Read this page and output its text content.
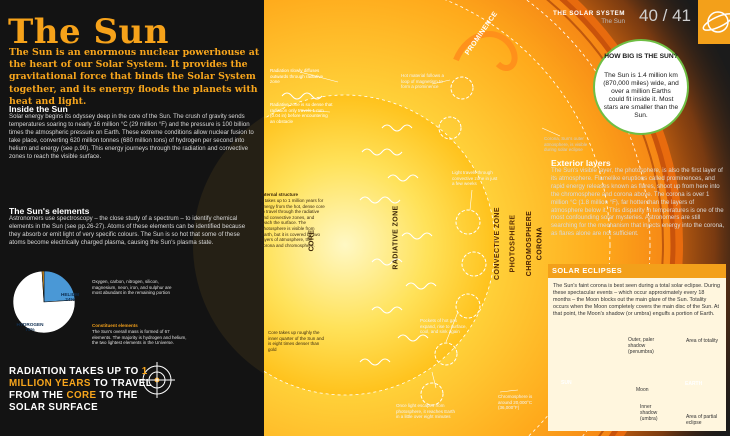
The Sun
The Sun is an enormous nuclear powerhouse at the heart of our Solar System. It provides the gravitational force that binds the Solar System together, and its energy floods the planets with heat and light.
Inside the Sun
Solar energy begins its odyssey deep in the core of the Sun. The crush of gravity sends temperatures soaring to nearly 16 million °C (29 million °F) and the pressure is 100 billion times the atmospheric pressure on Earth. These extreme conditions allow nuclear fusion to take place, converting 620 million tonnes (680 million tons) of hydrogen per second into helium and energy (see p.90). This energy journeys through the radiation and convective zones to reach the visible surface.
The Sun's elements
Astronomers use spectroscopy – the close study of a spectrum – to identify chemical elements in the Sun (see pp.26-27). Atoms of these elements can be identified because they absorb or emit light of very specific colours. The Sun is so hot that some of these atoms become electrically charged plasma, causing the Sun's plasma state.
HELIUM
24%
HYDROGEN
75%
Oxygen, carbon, nitrogen, silicon, magnesium, neon, iron, and sulphur are most abundant in the remaining portion
Constituent elements
The Sun's overall mass is formed of 67 elements. The majority is hydrogen and helium, the two lightest elements in the Universe.
RADIATION TAKES UP TO 1 MILLION YEARS TO TRAVEL FROM THE CORE TO THE SOLAR SURFACE
Radiation slowly diffuses outwards through radiative zone
Radiative zone is so dense that radiation only travels 1 mm (0.04 in) before encountering an obstacle
Hot material follows a loop of magnetism to form a prominence
Internal structure
It takes up to 1 million years for energy from the hot, dense core to travel through the radiative and convective zones, and reach the surface. The photosphere is visible from Earth, but it is covered by two layers of atmosphere, the corona and chromosphere.
Light travels through convective zone in just a few weeks
Pockets of hot gas expand, rise to surface, cool, and sink again
Core takes up roughly the inner quarter of the Sun and is eight times denser than gold
Once light escapes from photosphere, it reaches Earth in a little over eight minutes
Chromosphere is around 20,000°C (36,000°F)
Corona, Sun's outer atmosphere, is visible during solar eclipse
CORE	RADIATIVE ZONE	CONVECTIVE ZONE PHOTOSPHERE CHROMOSPHERE CORONA
PROMINENCE	THE SOLAR SYSTEM
The Sun 40 / 41
HOW BIG IS THE SUN?
The Sun is 1.4 million km (870,000 miles) wide, and over a million Earths could fit inside it. Most stars are smaller than the Sun.
Exterior layers
The Sun's visible layer, the photosphere, is also the first layer of its atmosphere. Flamelike eruptions called prominences, and rapid energy releases known as flares, shoot up from here into the chromosphere and corona above. The corona is over 1 million °C (1.8 million °F), far hotter than the layers of atmosphere below it. This disparity in temperatures is one of the most confounding solar mysteries. Astronomers are still searching for the mechanism that injects energy into the corona, as flares alone are not sufficient.
SOLAR ECLIPSES
The Sun's faint corona is best seen during a total solar eclipse. During these spectacular events – which occur approximately every 18 months – the Moon blocks out the main glare of the Sun. Totality occurs when the Moon completely covers the main disc of the Sun. At that point, the Moon's shadow (or umbra) engulfs a portion of Earth.
SUN	EARTH
Moon
Outer, paler shadow (penumbra)
Inner shadow (umbra)
Area of totality
Area of partial eclipse
